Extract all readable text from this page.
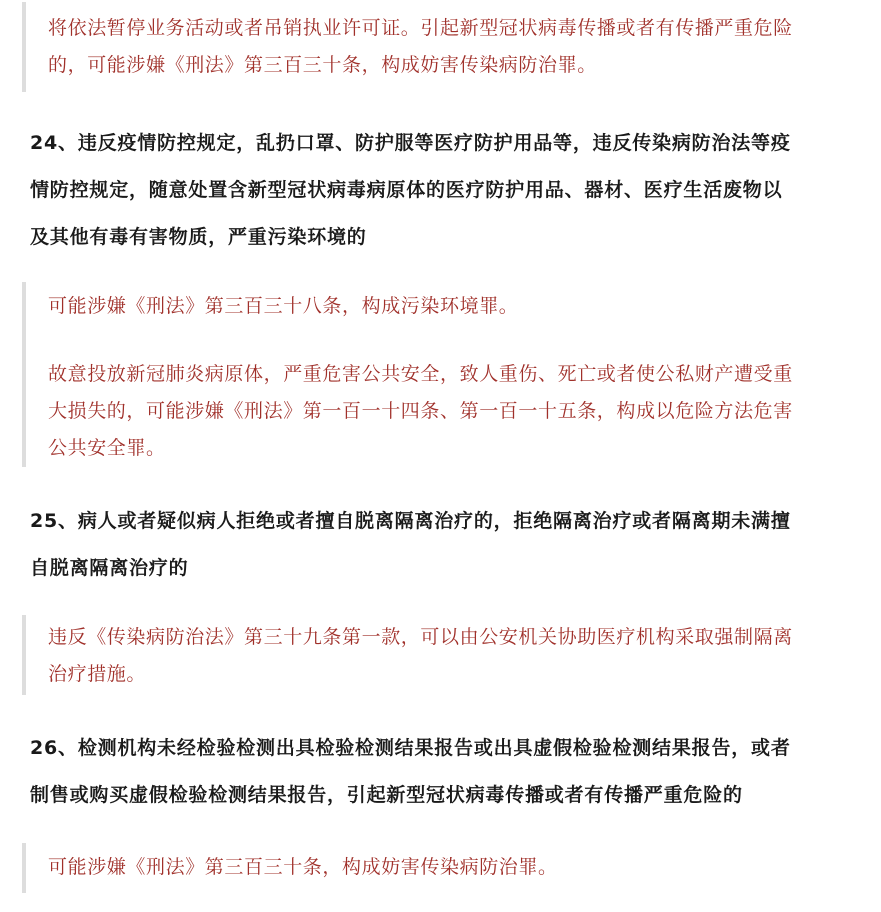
将依法暂停业务活动或者吊销执业许可证。引起新型冠状病毒传播或者有传播严重危险

的，可能涉嫌《刑法》第三百三十条，构成妨害传染病防治罪。

24、违反疫情防控规定，乱扔口罩、防护服等医疗防护用品等，违反传染病防治法等疫
情防控规定，随意处置含新型冠状病毒病原体的医疗防护用品、器材、医疗生活废物以
及其他有毒有害物质，严重污染环境的

可能涉嫌《刑法》第三百三十八条，构成污染环境罪。

故意投放新冠肺炎病原体，严重危害公共安全，致人重伤、死亡或者使公私财产遭受重

大损失的，可能涉嫌《刑法》第一百一十四条、第一百一十五条，构成以危险方法危害

公共安全罪。

25、病人或者疑似病人拒绝或者擅自脱离隔离治疗的，拒绝隔离治疗或者隔离期未满擅
自脱离隔离治疗的

违反《传染病防治法》第三十九条第一款，可以由公安机关协助医疗机构采取强制隔离

治疗措施。

26、检测机构未经检验检测出具检验检测结果报告或出具虚假检验检测结果报告，或者
制售或购买虚假检验检测结果报告，引起新型冠状病毒传播或者有传播严重危险的

可能涉嫌《刑法》第三百三十条，构成妨害传染病防治罪。
